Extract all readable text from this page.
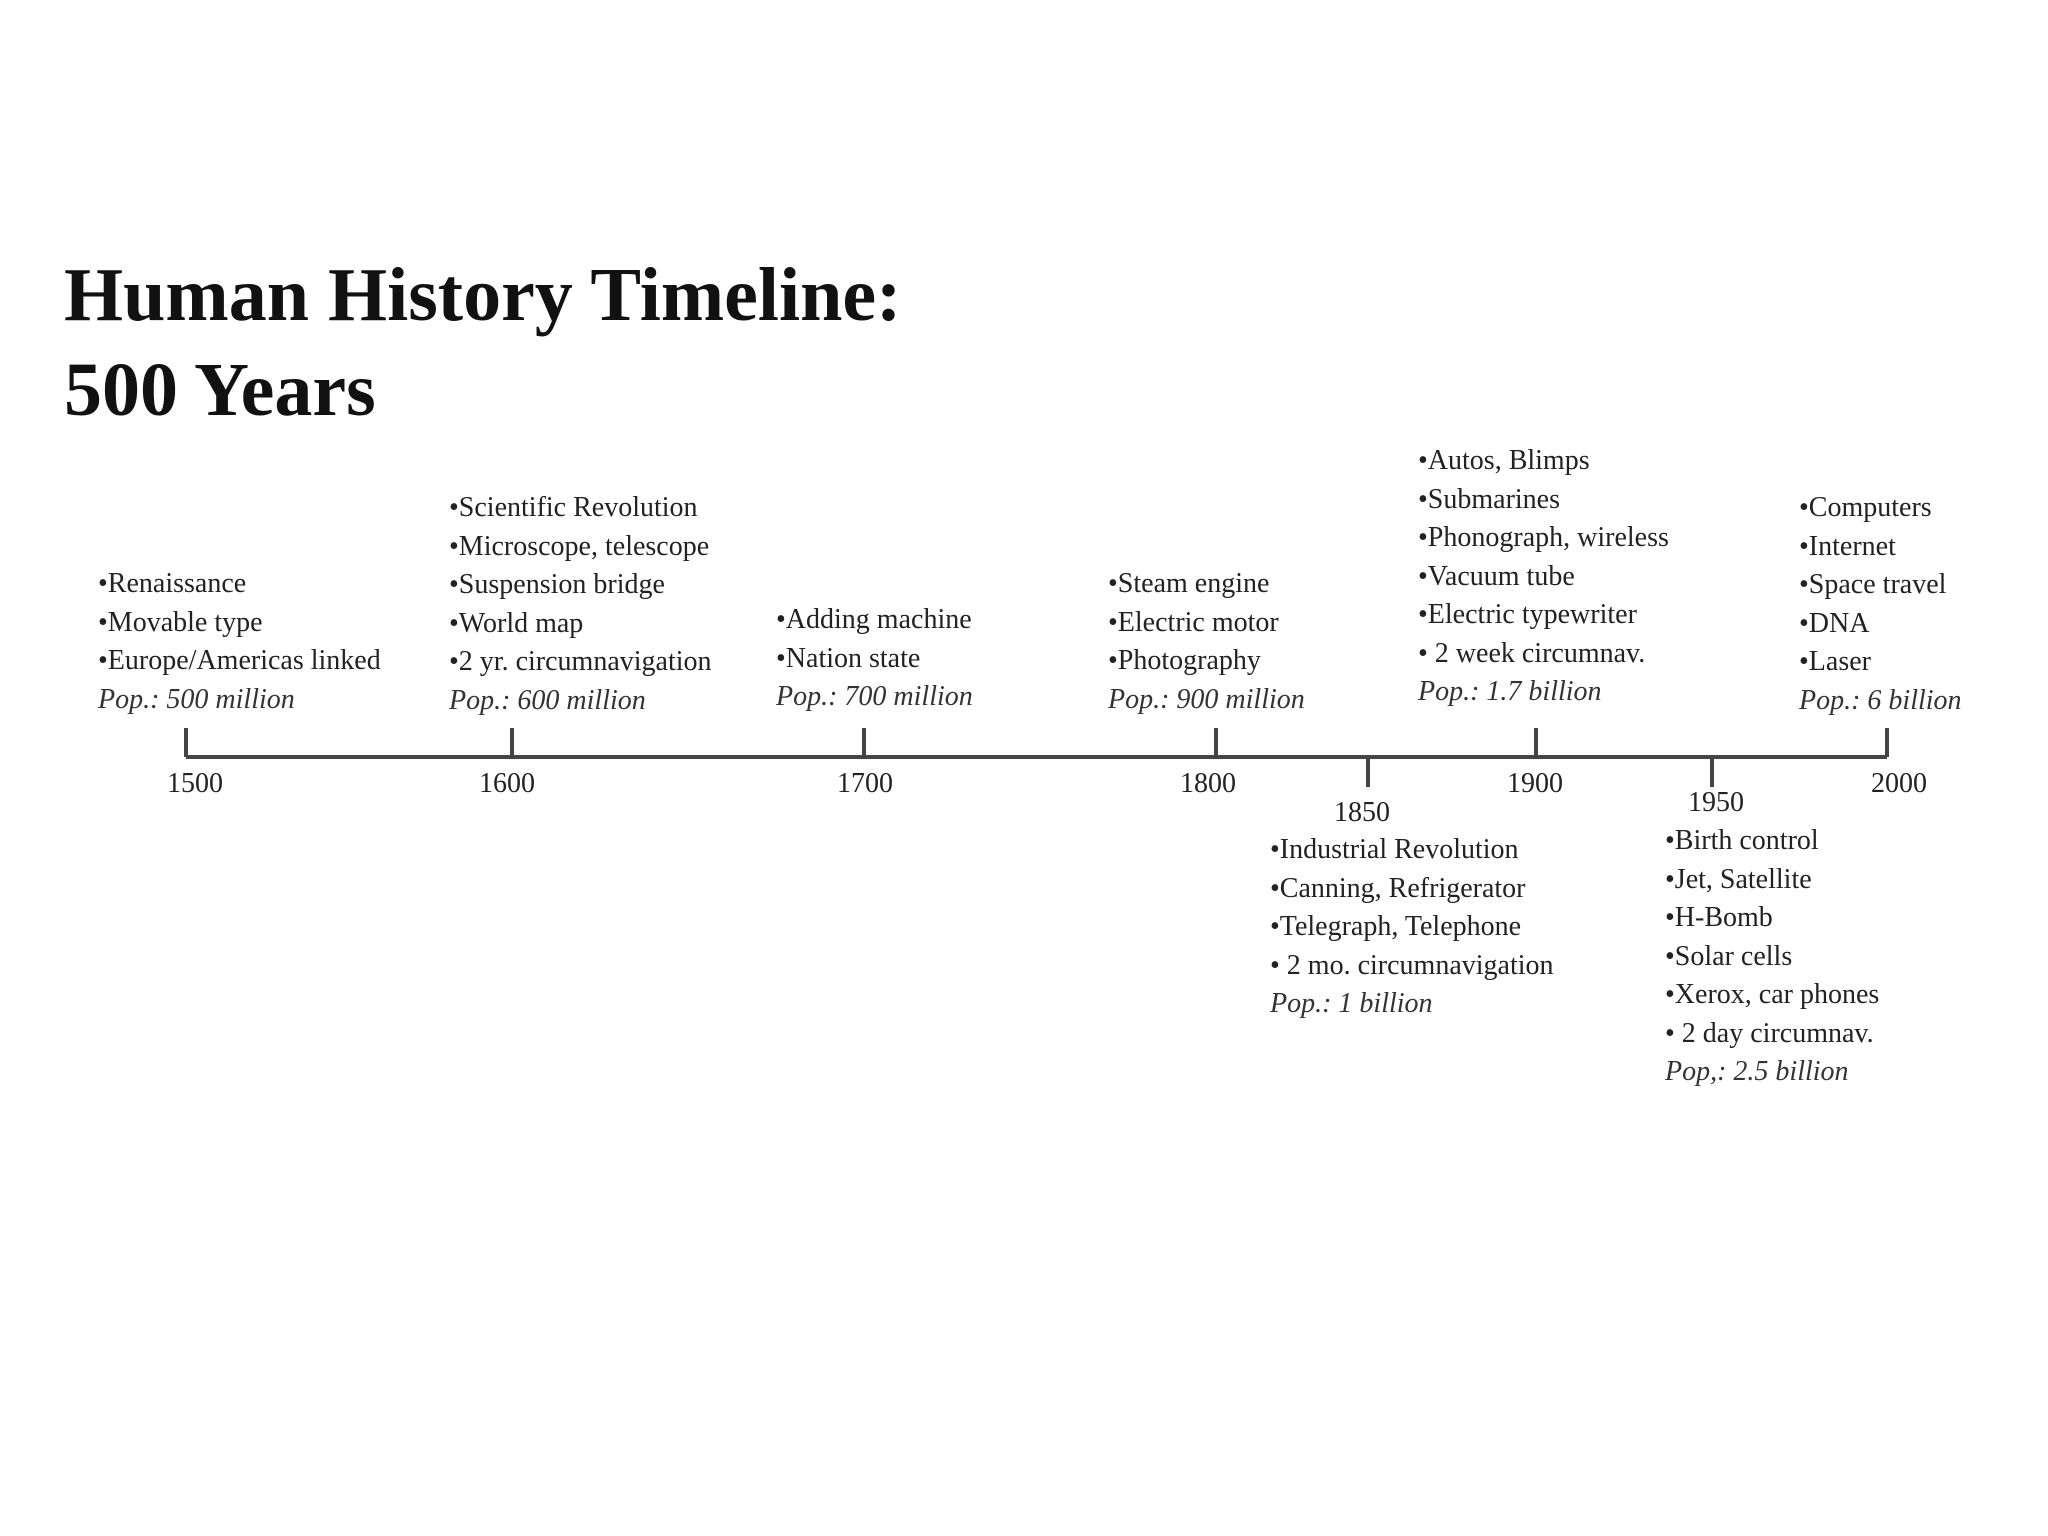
Human History Timeline:
500 Years
1500	1600	1700	1800
1850
1900
1950
2000
•Renaissance
•Movable type
•Europe/Americas linked
Pop.: 500 million
•Scientific Revolution
•Microscope, telescope
•Suspension bridge
•World map
•2 yr. circumnavigation
Pop.: 600 million
•Adding machine
•Nation state
Pop.: 700 million
•Steam engine
•Electric motor
•Photography
Pop.: 900 million
•Industrial Revolution
•Canning, Refrigerator
•Telegraph, Telephone
• 2 mo. circumnavigation
Pop.: 1 billion
•Autos, Blimps
•Submarines
•Phonograph, wireless
•Vacuum tube
•Electric typewriter
• 2 week circumnav.
Pop.: 1.7 billion
•Birth control
•Jet, Satellite
•H-Bomb
•Solar cells
•Xerox, car phones
• 2 day circumnav.
Pop,: 2.5 billion
•Computers
•Internet
•Space travel
•DNA
•Laser
Pop.: 6 billion
